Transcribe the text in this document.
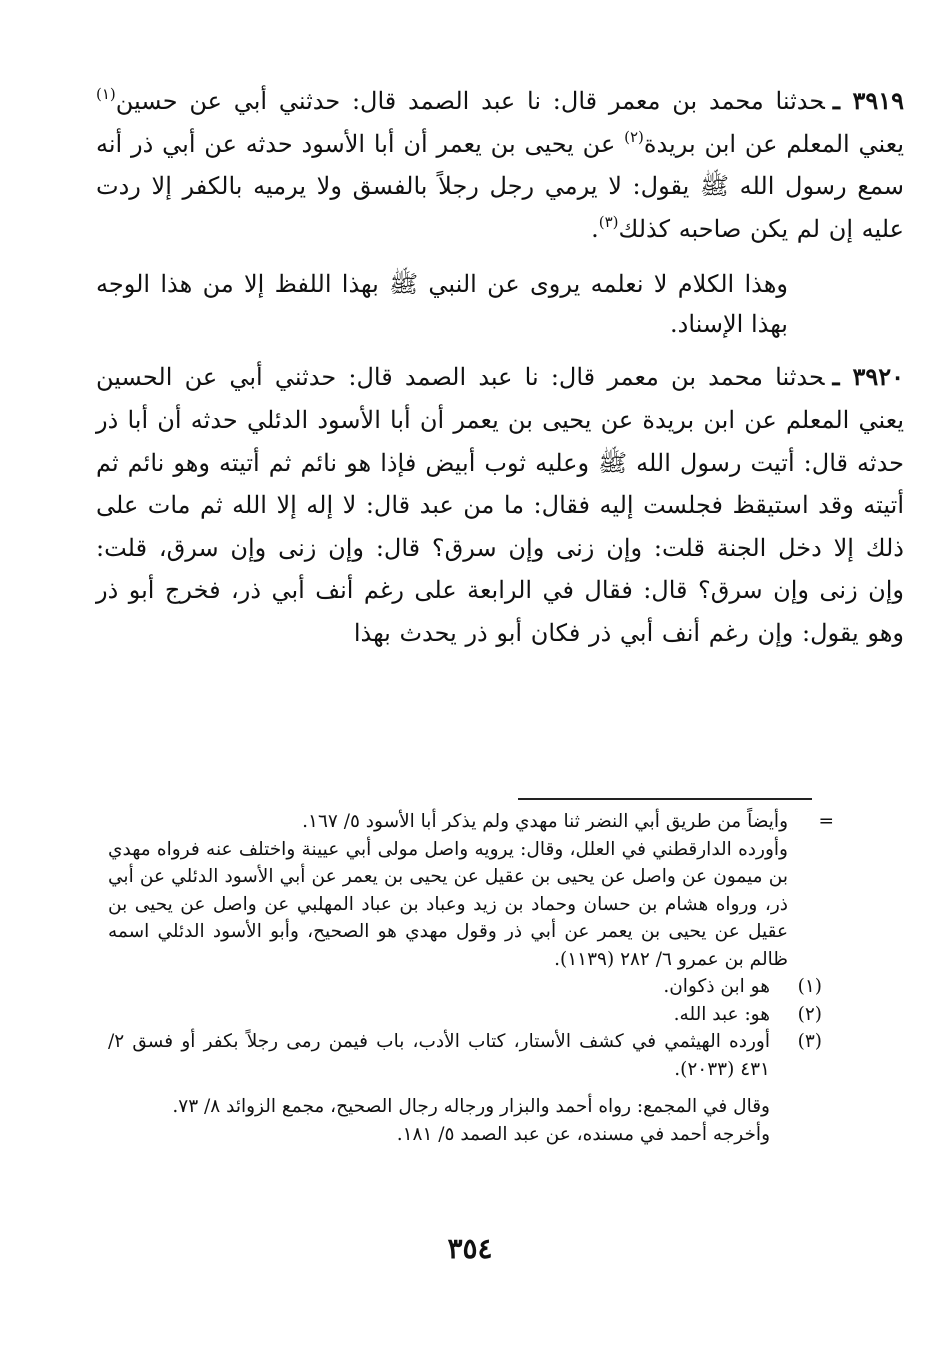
٣٩١٩ ـحدثنا محمد بن معمر قال: نا عبد الصمد قال: حدثني أبي عن حسين$^{(١)}$ يعني المعلم عن ابن بريدة$^{(٢)}$ عن يحيى بن يعمر أن أبا الأسود حدثه عن أبي ذر أنه سمع رسول الله ﷺ يقول: لا يرمي رجل رجلاً بالفسق ولا يرميه بالكفر إلا ردت عليه إن لم يكن صاحبه كذلك$^{(٣)}$.

وهذا الكلام لا نعلمه يروى عن النبي ﷺ بهذا اللفظ إلا من هذا الوجه بهذا الإسناد.

٣٩٢٠ ـحدثنا محمد بن معمر قال: نا عبد الصمد قال: حدثني أبي عن الحسين يعني المعلم عن ابن بريدة عن يحيى بن يعمر أن أبا الأسود الدئلي حدثه أن أبا ذر حدثه قال: أتيت رسول الله ﷺ وعليه ثوب أبيض فإذا هو نائم ثم أتيته وهو نائم ثم أتيته وقد استيقظ فجلست إليه فقال: ما من عبد قال: لا إله إلا الله ثم مات على ذلك إلا دخل الجنة قلت: وإن زنى وإن سرق؟ قال: وإن زنى وإن سرق، قلت: وإن زنى وإن سرق؟ قال: فقال في الرابعة على رغم أنف أبي ذر، فخرج أبو ذر وهو يقول: وإن رغم أنف أبي ذر فكان أبو ذر يحدث بهذا

=
وأيضاً من طريق أبي النضر ثنا مهدي ولم يذكر أبا الأسود ٥/ ١٦٧.
وأورده الدارقطني في العلل، وقال: يرويه واصل مولى أبي عيينة واختلف عنه فرواه مهدي بن ميمون عن واصل عن يحيى بن عقيل عن يحيى بن يعمر عن أبي الأسود الدئلي عن أبي ذر، ورواه هشام بن حسان وحماد بن زيد وعباد بن عباد المهلبي عن واصل عن يحيى بن عقيل عن يحيى بن يعمر عن أبي ذر وقول مهدي هو الصحيح، وأبو الأسود الدئلي اسمه ظالم بن عمرو ٦/ ٢٨٢ (١١٣٩).
(١)
هو ابن ذكوان.
(٢)
هو: عبد الله.
(٣)
أورده الهيثمي في كشف الأستار، كتاب الأدب، باب فيمن رمى رجلاً بكفر أو فسق ٢/ ٤٣١ (٢٠٣٣).
وقال في المجمع: رواه أحمد والبزار ورجاله رجال الصحيح، مجمع الزوائد ٨/ ٧٣.
وأخرجه أحمد في مسنده، عن عبد الصمد ٥/ ١٨١.
٣٥٤
